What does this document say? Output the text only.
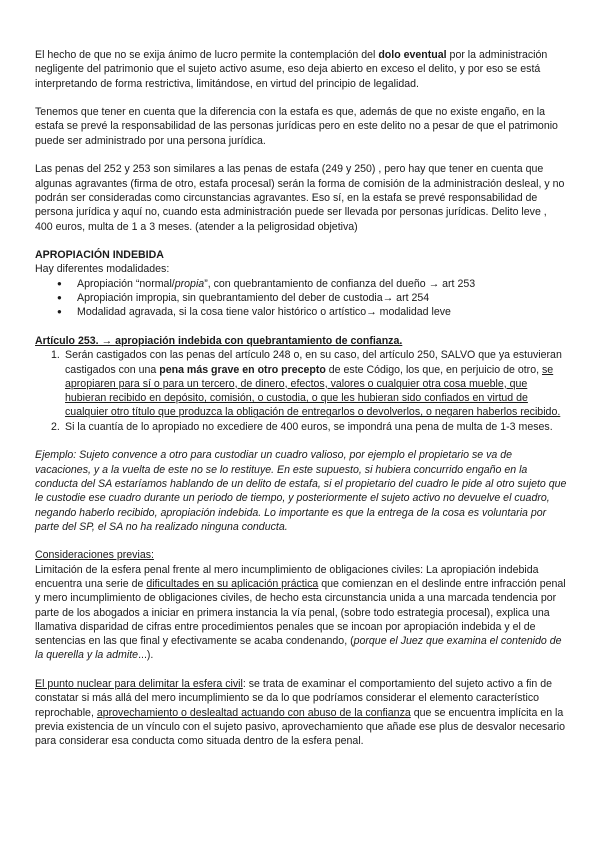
El hecho de que no se exija ánimo de lucro permite la contemplación del dolo eventual por la administración negligente del patrimonio que el sujeto activo asume, eso deja abierto en exceso el delito, y por eso se está interpretando de forma restrictiva, limitándose, en virtud del principio de legalidad.

Tenemos que tener en cuenta que la diferencia con la estafa es que, además de que no existe engaño, en la estafa se prevé la responsabilidad de las personas jurídicas pero en este delito no a pesar de que el patrimonio puede ser administrado por una persona jurídica.

Las penas del 252 y 253 son similares a las penas de estafa (249 y 250) , pero hay que tener en cuenta que algunas agravantes (firma de otro, estafa procesal) serán la forma de comisión de la administración desleal, y no podrán ser consideradas como circunstancias agravantes. Eso sí, en la estafa se prevé responsabilidad de persona jurídica y aquí no, cuando esta administración puede ser llevada por personas jurídicas. Delito leve , 400 euros, multa de 1 a 3 meses. (atender a la peligrosidad objetiva)

APROPIACIÓN INDEBIDA

Hay diferentes modalidades:

● Apropiación “normal/propia”, con quebrantamiento de confianza del dueño → art 253
● Apropiación impropia, sin quebrantamiento del deber de custodia→ art 254
● Modalidad agravada, si la cosa tiene valor histórico o artístico→ modalidad leve

Artículo 253. → apropiación indebida con quebrantamiento de confianza.

1. Serán castigados con las penas del artículo 248 o, en su caso, del artículo 250, SALVO que ya estuvieran castigados con una pena más grave en otro precepto de este Código, los que, en perjuicio de otro, se apropiaren para sí o para un tercero, de dinero, efectos, valores o cualquier otra cosa mueble, que hubieran recibido en depósito, comisión, o custodia, o que les hubieran sido confiados en virtud de cualquier otro título que produzca la obligación de entregarlos o devolverlos, o negaren haberlos recibido.
2. Si la cuantía de lo apropiado no excediere de 400 euros, se impondrá una pena de multa de 1-3 meses.

Ejemplo: Sujeto convence a otro para custodiar un cuadro valioso, por ejemplo el propietario se va de vacaciones, y a la vuelta de este no se lo restituye. En este supuesto, si hubiera concurrido engaño en la conducta del SA estaríamos hablando de un delito de estafa, si el propietario del cuadro le pide al otro sujeto que le custodie ese cuadro durante un periodo de tiempo, y posteriormente el sujeto activo no devuelve el cuadro, negando haberlo recibido, apropiación indebida. Lo importante es que la entrega de la cosa es voluntaria por parte del SP, el SA no ha realizado ninguna conducta.

Consideraciones previas:

Limitación de la esfera penal frente al mero incumplimiento de obligaciones civiles: La apropiación indebida encuentra una serie de dificultades en su aplicación práctica que comienzan en el deslinde entre infracción penal y mero incumplimiento de obligaciones civiles, de hecho esta circunstancia unida a una marcada tendencia por parte de los abogados a iniciar en primera instancia la vía penal, (sobre todo estrategia procesal), explica una llamativa disparidad de cifras entre procedimientos penales que se incoan por apropiación indebida y el de sentencias en las que final y efectivamente se acaba condenando, (porque el Juez que examina el contenido de la querella y la admite...).

El punto nuclear para delimitar la esfera civil: se trata de examinar el comportamiento del sujeto activo a fin de constatar si más allá del mero incumplimiento se da lo que podríamos considerar el elemento característico reprochable, aprovechamiento o deslealtad actuando con abuso de la confianza que se encuentra implícita en la previa existencia de un vínculo con el sujeto pasivo, aprovechamiento que añade ese plus de desvalor necesario para considerar esa conducta como situada dentro de la esfera penal.
